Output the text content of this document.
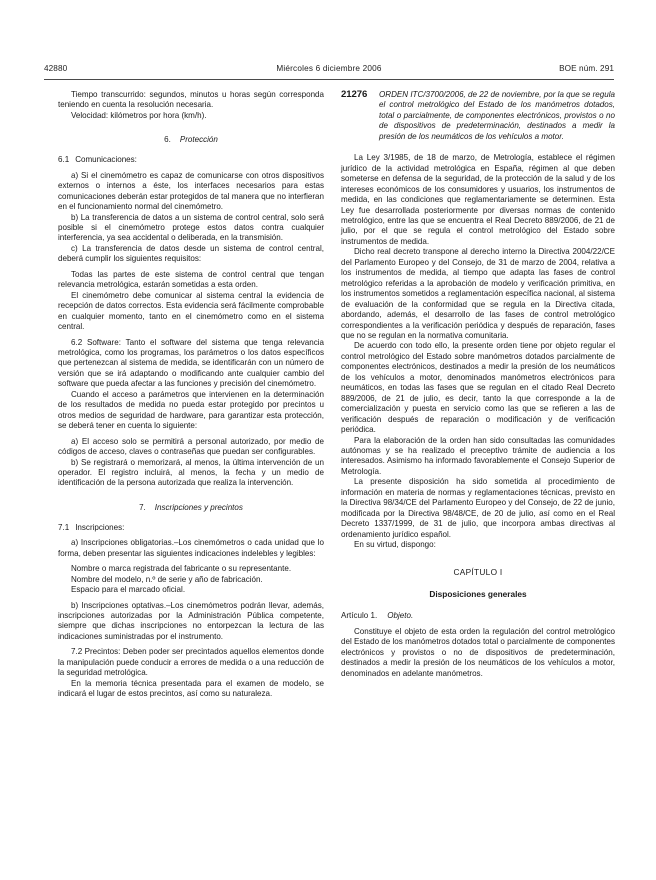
42880	Miércoles 6 diciembre 2006	BOE núm. 291

Tiempo transcurrido: segundos, minutos u horas según corresponda teniendo en cuenta la resolución necesaria.

Velocidad: kilómetros por hora (km/h).

6. Protección

6.1 Comunicaciones:

a) Si el cinemómetro es capaz de comunicarse con otros dispositivos externos o internos a éste, los interfaces necesarios para estas comunicaciones deberán estar protegidos de tal manera que no interfieran en el funcionamiento normal del cinemómetro.

b) La transferencia de datos a un sistema de control central, solo será posible si el cinemómetro protege estos datos contra cualquier interferencia, ya sea accidental o deliberada, en la transmisión.

c) La transferencia de datos desde un sistema de control central, deberá cumplir los siguientes requisitos:

Todas las partes de este sistema de control central que tengan relevancia metrológica, estarán sometidas a esta orden.

El cinemómetro debe comunicar al sistema central la evidencia de recepción de datos correctos. Esta evidencia será fácilmente comprobable en cualquier momento, tanto en el cinemómetro como en el sistema central.

6.2 Software: Tanto el software del sistema que tenga relevancia metrológica, como los programas, los parámetros o los datos específicos que pertenezcan al sistema de medida, se identificarán con un número de versión que se irá adaptando o modificando ante cualquier cambio del software que pueda afectar a las funciones y precisión del cinemómetro.

Cuando el acceso a parámetros que intervienen en la determinación de los resultados de medida no pueda estar protegido por precintos u otros medios de seguridad de hardware, para garantizar esta protección, se deberá tener en cuenta lo siguiente:

a) El acceso solo se permitirá a personal autorizado, por medio de códigos de acceso, claves o contraseñas que puedan ser configurables.

b) Se registrará o memorizará, al menos, la última intervención de un operador. El registro incluirá, al menos, la fecha y un medio de identificación de la persona autorizada que realiza la intervención.

7. Inscripciones y precintos

7.1 Inscripciones:

a) Inscripciones obligatorias.–Los cinemómetros o cada unidad que lo forma, deben presentar las siguientes indicaciones indelebles y legibles:

Nombre o marca registrada del fabricante o su representante.

Nombre del modelo, n.º de serie y año de fabricación.

Espacio para el marcado oficial.

b) Inscripciones optativas.–Los cinemómetros podrán llevar, además, inscripciones autorizadas por la Administración Pública competente, siempre que dichas inscripciones no entorpezcan la lectura de las indicaciones suministradas por el instrumento.

7.2 Precintos: Deben poder ser precintados aquellos elementos donde la manipulación puede conducir a errores de medida o a una reducción de la seguridad metrológica.

En la memoria técnica presentada para el examen de modelo, se indicará el lugar de estos precintos, así como su naturaleza.

21276	ORDEN ITC/3700/2006, de 22 de noviembre, por la que se regula el control metrológico del Estado de los manómetros dotados, total o parcialmente, de componentes electrónicos, provistos o no de dispositivos de predeterminación, destinados a medir la presión de los neumáticos de los vehículos a motor.

La Ley 3/1985, de 18 de marzo, de Metrología, establece el régimen jurídico de la actividad metrológica en España, régimen al que deben someterse en defensa de la seguridad, de la protección de la salud y de los intereses económicos de los consumidores y usuarios, los instrumentos de medida, en las condiciones que reglamentariamente se determinen. Esta Ley fue desarrollada posteriormente por diversas normas de contenido metrológico, entre las que se encuentra el Real Decreto 889/2006, de 21 de julio, por el que se regula el control metrológico del Estado sobre instrumentos de medida.

Dicho real decreto transpone al derecho interno la Directiva 2004/22/CE del Parlamento Europeo y del Consejo, de 31 de marzo de 2004, relativa a los instrumentos de medida, al tiempo que adapta las fases de control metrológico referidas a la aprobación de modelo y verificación primitiva, en los instrumentos sometidos a reglamentación específica nacional, al sistema de evaluación de la conformidad que se regula en la Directiva citada, abordando, además, el desarrollo de las fases de control metrológico correspondientes a la verificación periódica y después de reparación, fases que no se regulan en la normativa comunitaria.

De acuerdo con todo ello, la presente orden tiene por objeto regular el control metrológico del Estado sobre manómetros dotados parcialmente de componentes electrónicos, destinados a medir la presión de los neumáticos de los vehículos a motor, denominados manómetros electrónicos para neumáticos, en todas las fases que se regulan en el citado Real Decreto 889/2006, de 21 de julio, es decir, tanto la que corresponde a la de comercialización y puesta en servicio como las que se refieren a las de verificación después de reparación o modificación y de verificación periódica.

Para la elaboración de la orden han sido consultadas las comunidades autónomas y se ha realizado el preceptivo trámite de audiencia a los interesados. Asimismo ha informado favorablemente el Consejo Superior de Metrología.

La presente disposición ha sido sometida al procedimiento de información en materia de normas y reglamentaciones técnicas, previsto en la Directiva 98/34/CE del Parlamento Europeo y del Consejo, de 22 de junio, modificada por la Directiva 98/48/CE, de 20 de julio, así como en el Real Decreto 1337/1999, de 31 de julio, que incorpora ambas directivas al ordenamiento jurídico español.

En su virtud, dispongo:

CAPÍTULO I

Disposiciones generales

Artículo 1. Objeto.

Constituye el objeto de esta orden la regulación del control metrológico del Estado de los manómetros dotados total o parcialmente de componentes electrónicos y provistos o no de dispositivos de predeterminación, destinados a medir la presión de los neumáticos de los vehículos a motor, denominados en adelante manómetros.
